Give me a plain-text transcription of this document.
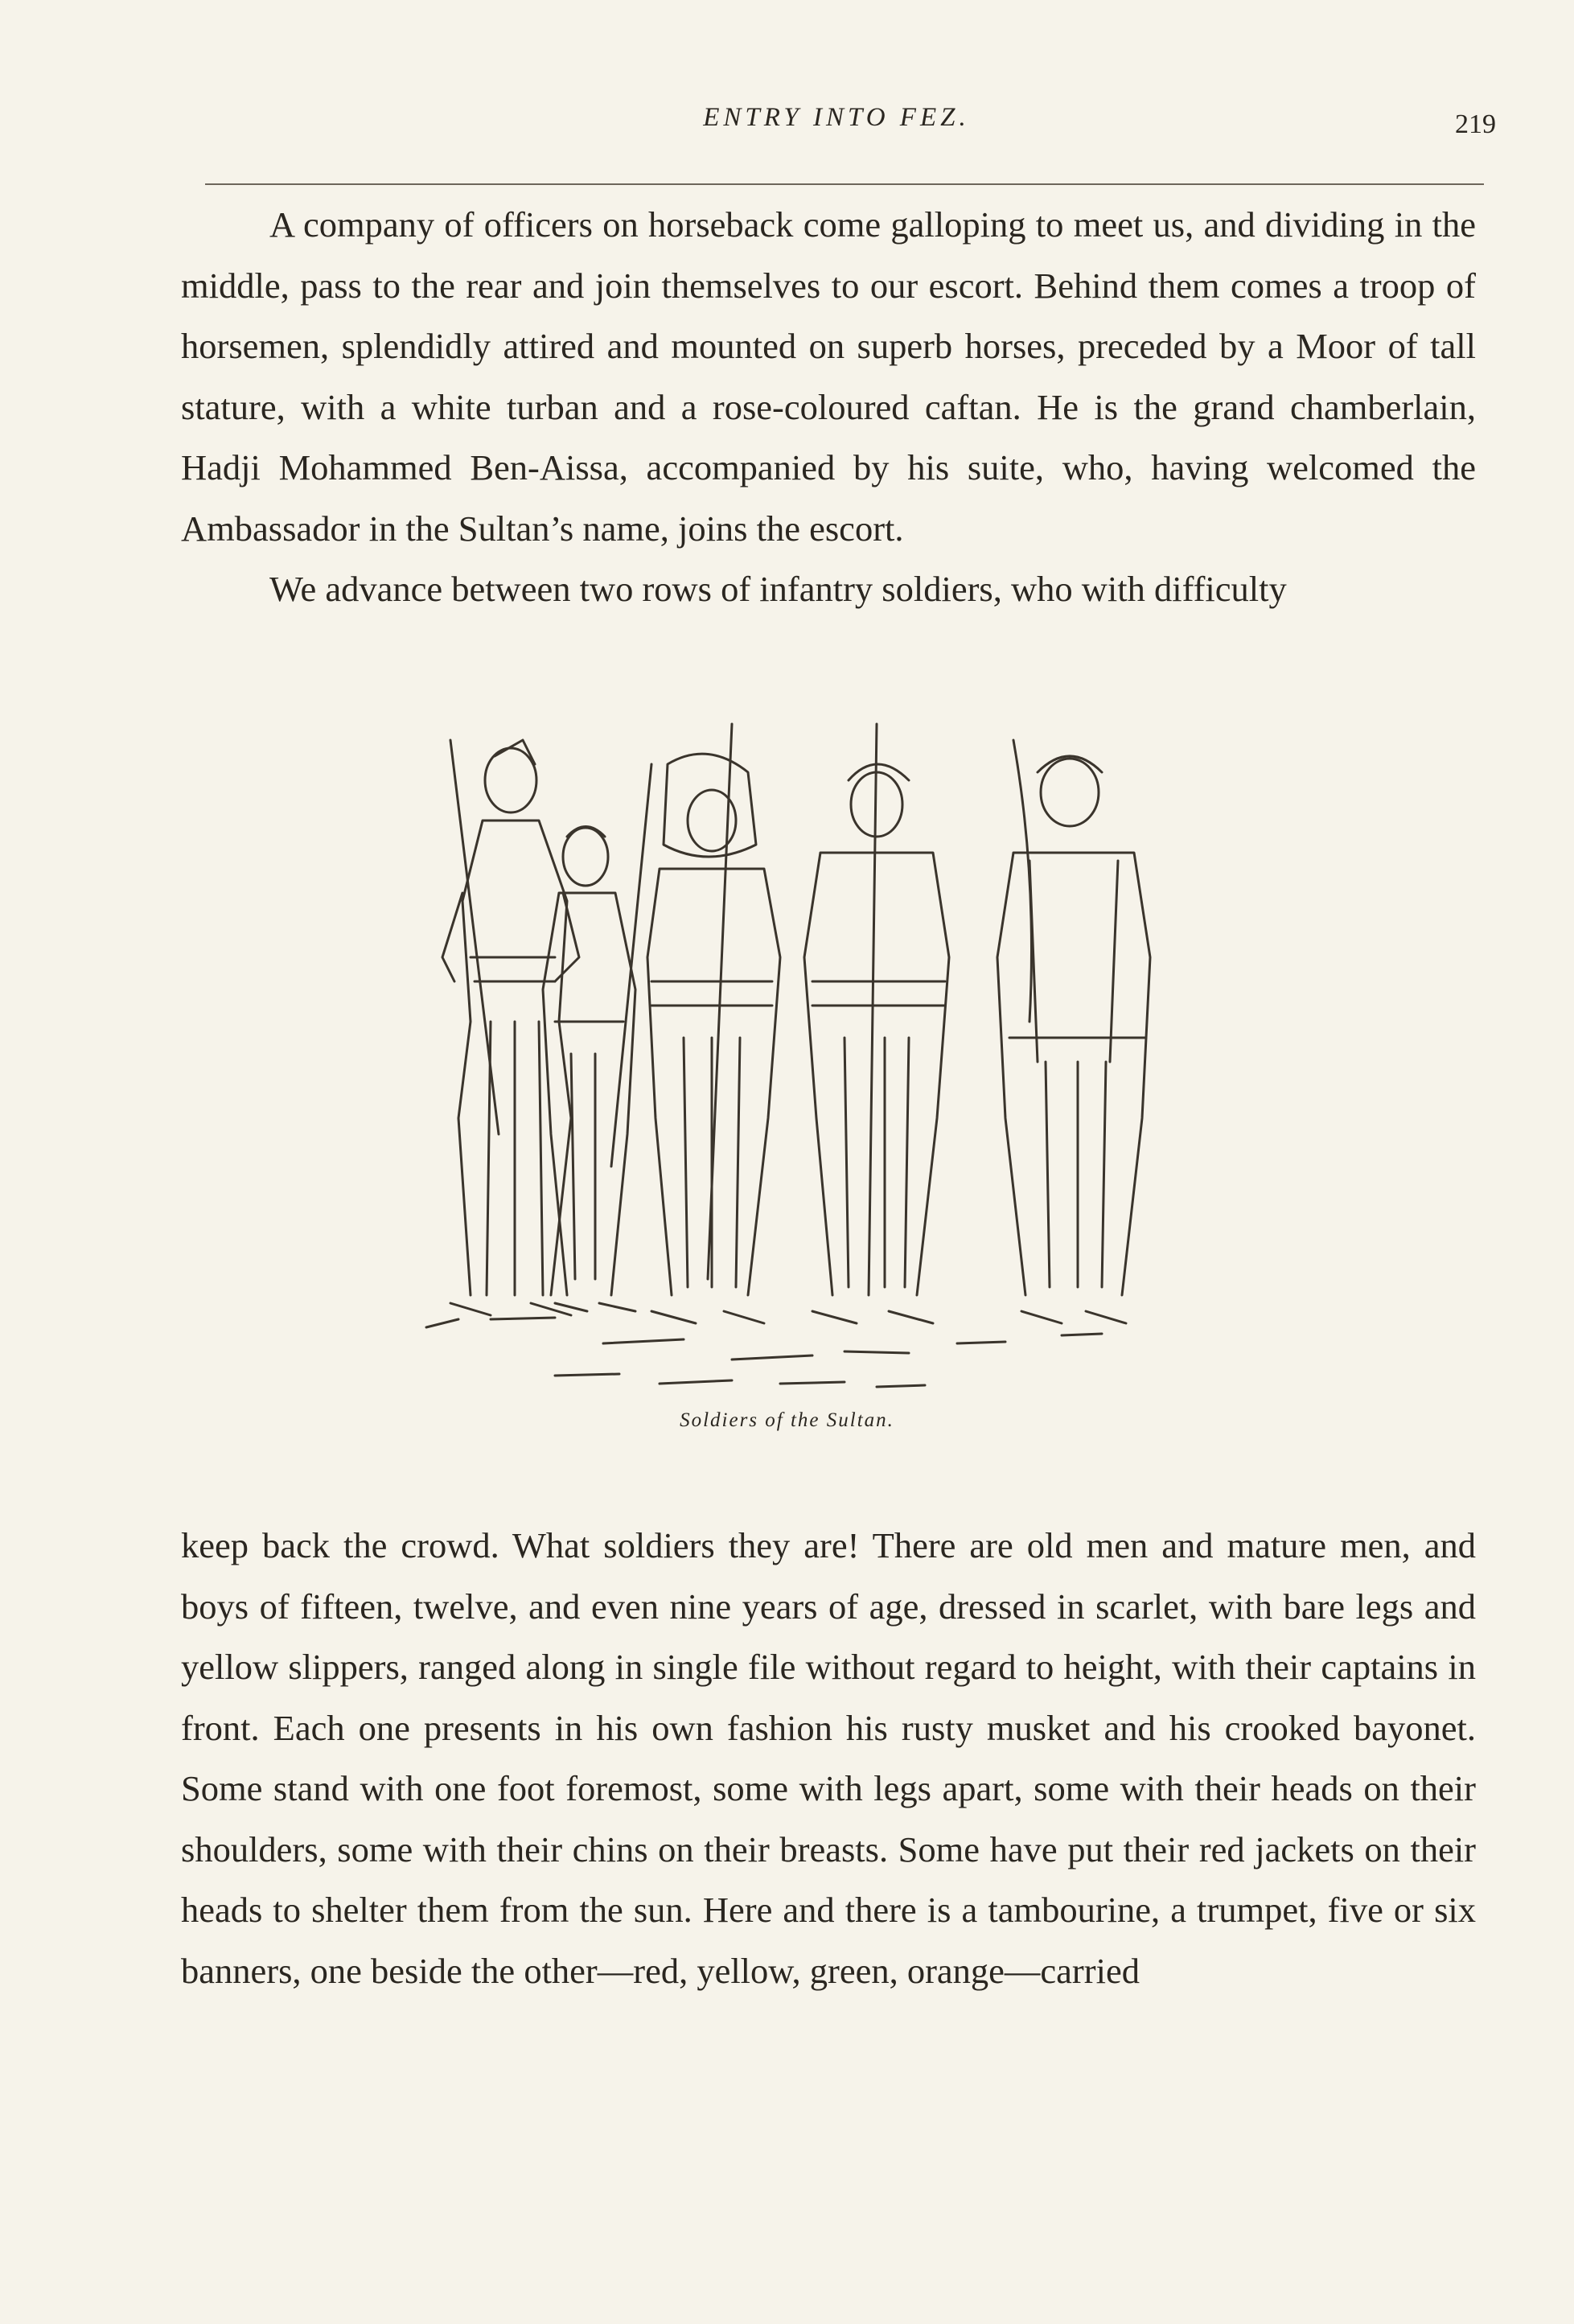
ENTRY INTO FEZ.	219

A company of officers on horseback come galloping to meet us, and dividing in the middle, pass to the rear and join themselves to our escort. Behind them comes a troop of horsemen, splendidly attired and mounted on superb horses, preceded by a Moor of tall stature, with a white turban and a rose-coloured caftan. He is the grand chamberlain, Hadji Mohammed Ben-Aissa, accompanied by his suite, who, having welcomed the Ambassador in the Sultan’s name, joins the escort.

We advance between two rows of infantry soldiers, who with difficulty

Soldiers of the Sultan.

keep back the crowd. What soldiers they are! There are old men and mature men, and boys of fifteen, twelve, and even nine years of age, dressed in scarlet, with bare legs and yellow slippers, ranged along in single file without regard to height, with their captains in front. Each one presents in his own fashion his rusty musket and his crooked bayonet. Some stand with one foot foremost, some with legs apart, some with their heads on their shoulders, some with their chins on their breasts. Some have put their red jackets on their heads to shelter them from the sun. Here and there is a tambourine, a trumpet, five or six banners, one beside the other—red, yellow, green, orange—carried
